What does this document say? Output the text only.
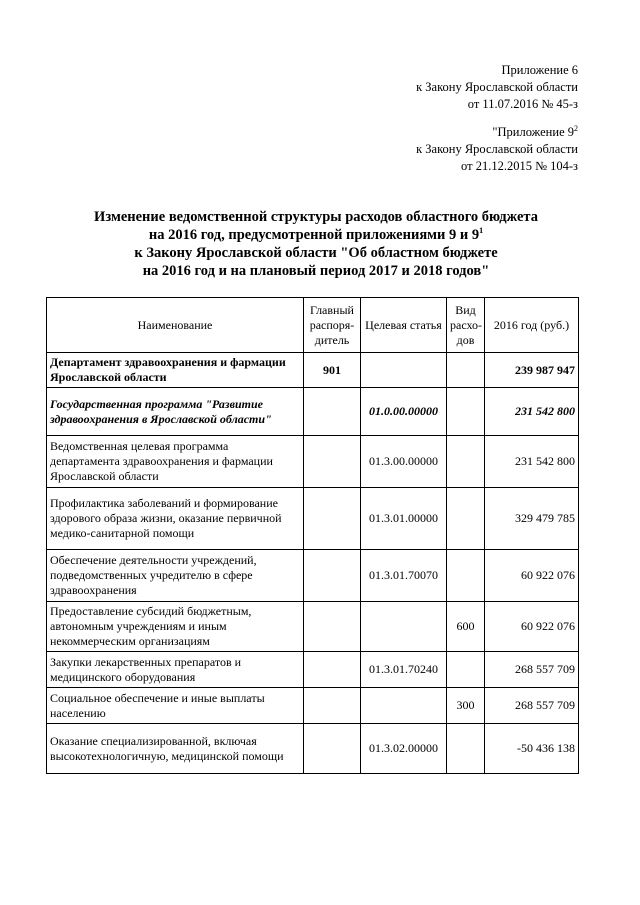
Приложение 6
к Закону Ярославской области
от 11.07.2016 № 45-з
"Приложение $9^2$
к Закону Ярославской области
от 21.12.2015 № 104-з
Изменение ведомственной структуры расходов областного бюджета
на 2016 год, предусмотренной приложениями 9 и $9^1$
к Закону Ярославской области "Об областном бюджете
на 2016 год и на плановый период 2017 и 2018 годов"
Наименование	Главный распоря-дитель	Целевая статья	Вид расхо-дов	2016 год (руб.)
Департамент здравоохранения и фармации Ярославской области	901			239 987 947
Государственная программа "Развитие здравоохранения в Ярославской области"		01.0.00.00000		231 542 800
Ведомственная целевая программа департамента здравоохранения и фармации Ярославской области		01.3.00.00000		231 542 800
Профилактика заболеваний и формирование здорового образа жизни, оказание первичной медико-санитарной помощи		01.3.01.00000		329 479 785
Обеспечение деятельности учреждений, подведомственных учредителю в сфере здравоохранения		01.3.01.70070		60 922 076
Предоставление субсидий бюджетным, автономным учреждениям и иным некоммерческим организациям			600	60 922 076
Закупки лекарственных препаратов и медицинского оборудования		01.3.01.70240		268 557 709
Социальное обеспечение и иные выплаты населению			300	268 557 709
Оказание специализированной, включая высокотехнологичную, медицинской помощи		01.3.02.00000		-50 436 138
